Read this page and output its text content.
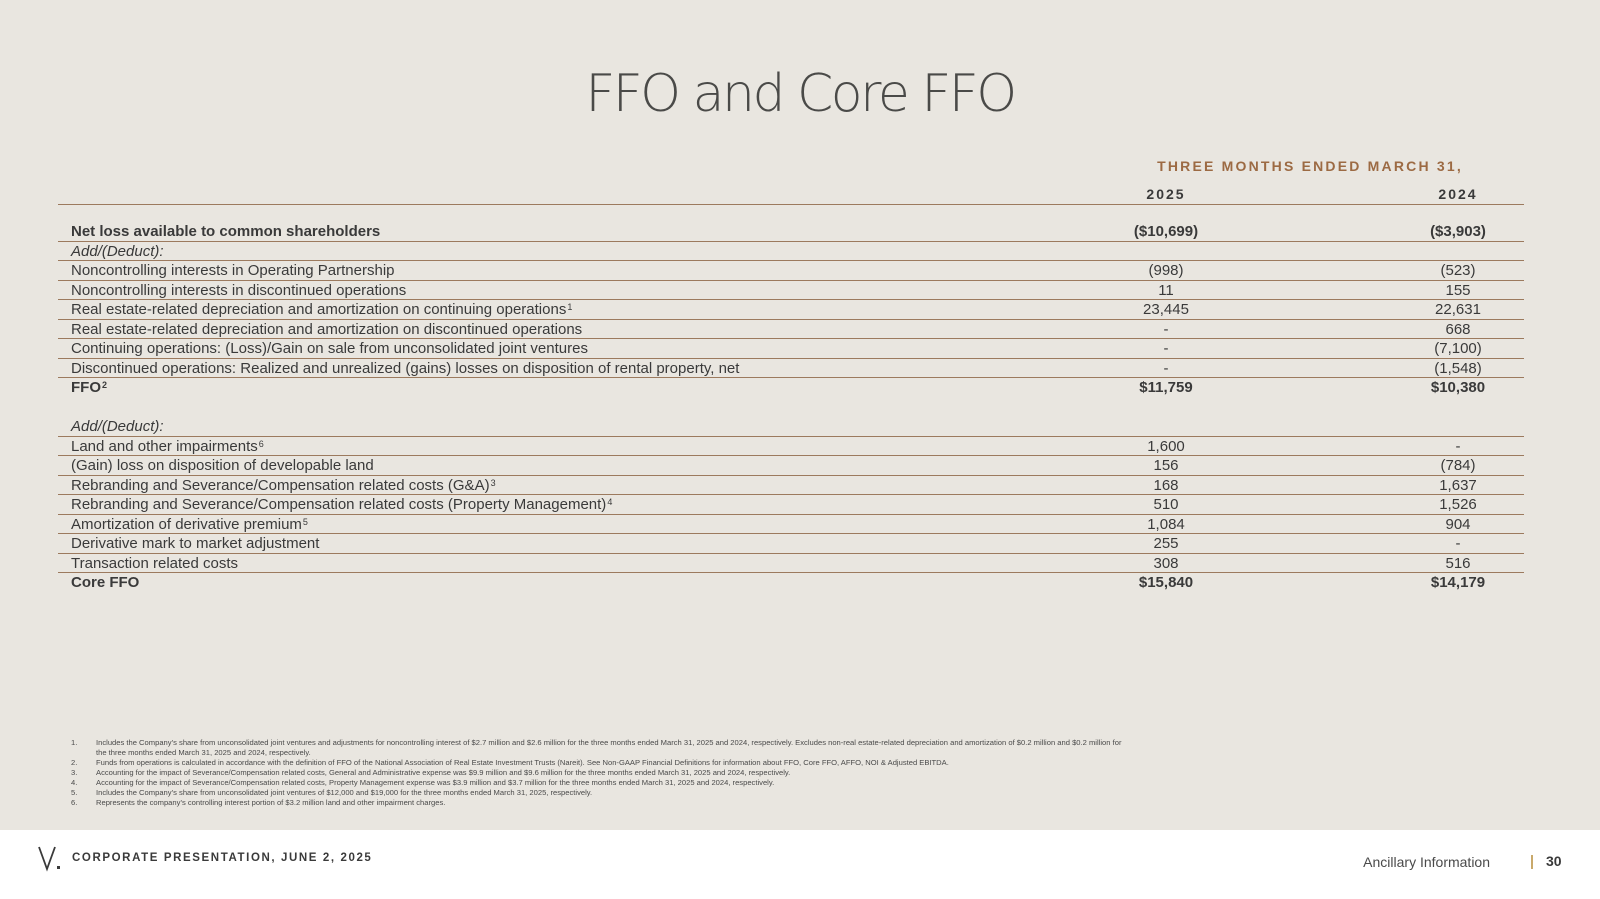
FFO and Core FFO
THREE MONTHS ENDED MARCH 31,
2025	2024
Net loss available to common shareholders	($10,699)	($3,903)
Add/(Deduct):
Noncontrolling interests in Operating Partnership	(998)	(523)
Noncontrolling interests in discontinued operations	11	155
Real estate-related depreciation and amortization on continuing operations$^1$	23,445	22,631
Real estate-related depreciation and amortization on discontinued operations	-	668
Continuing operations: (Loss)/Gain on sale from unconsolidated joint ventures	-	(7,100)
Discontinued operations: Realized and unrealized (gains) losses on disposition of rental property, net	-	(1,548)
FFO$^2$	$11,759	$10,380
Add/(Deduct):
Land and other impairments$^6$	1,600	-
(Gain) loss on disposition of developable land	156	(784)
Rebranding and Severance/Compensation related costs (G&A)$^3$	168	1,637
Rebranding and Severance/Compensation related costs (Property Management)$^4$	510	1,526
Amortization of derivative premium$^5$	1,084	904
Derivative mark to market adjustment	255	-
Transaction related costs	308	516
Core FFO	$15,840	$14,179
1.	Includes the Company’s share from unconsolidated joint ventures and adjustments for noncontrolling interest of $2.7 million and $2.6 million for the three months ended March 31, 2025 and 2024, respectively. Excludes non-real estate-related depreciation and amortization of $0.2 million and $0.2 million for the three months ended March 31, 2025 and 2024, respectively.
2.	Funds from operations is calculated in accordance with the definition of FFO of the National Association of Real Estate Investment Trusts (Nareit). See Non-GAAP Financial Definitions for information about FFO, Core FFO, AFFO, NOI & Adjusted EBITDA.
3.	Accounting for the impact of Severance/Compensation related costs, General and Administrative expense was $9.9 million and $9.6 million for the three months ended March 31, 2025 and 2024, respectively.
4.	Accounting for the impact of Severance/Compensation related costs, Property Management expense was $3.9 million and $3.7 million for the three months ended March 31, 2025 and 2024, respectively.
5.	Includes the Company’s share from unconsolidated joint ventures of $12,000 and $19,000 for the three months ended March 31, 2025, respectively.
6.	Represents the company’s controlling interest portion of $3.2 million land and other impairment charges.
CORPORATE PRESENTATION, JUNE 2, 2025	Ancillary Information	30
